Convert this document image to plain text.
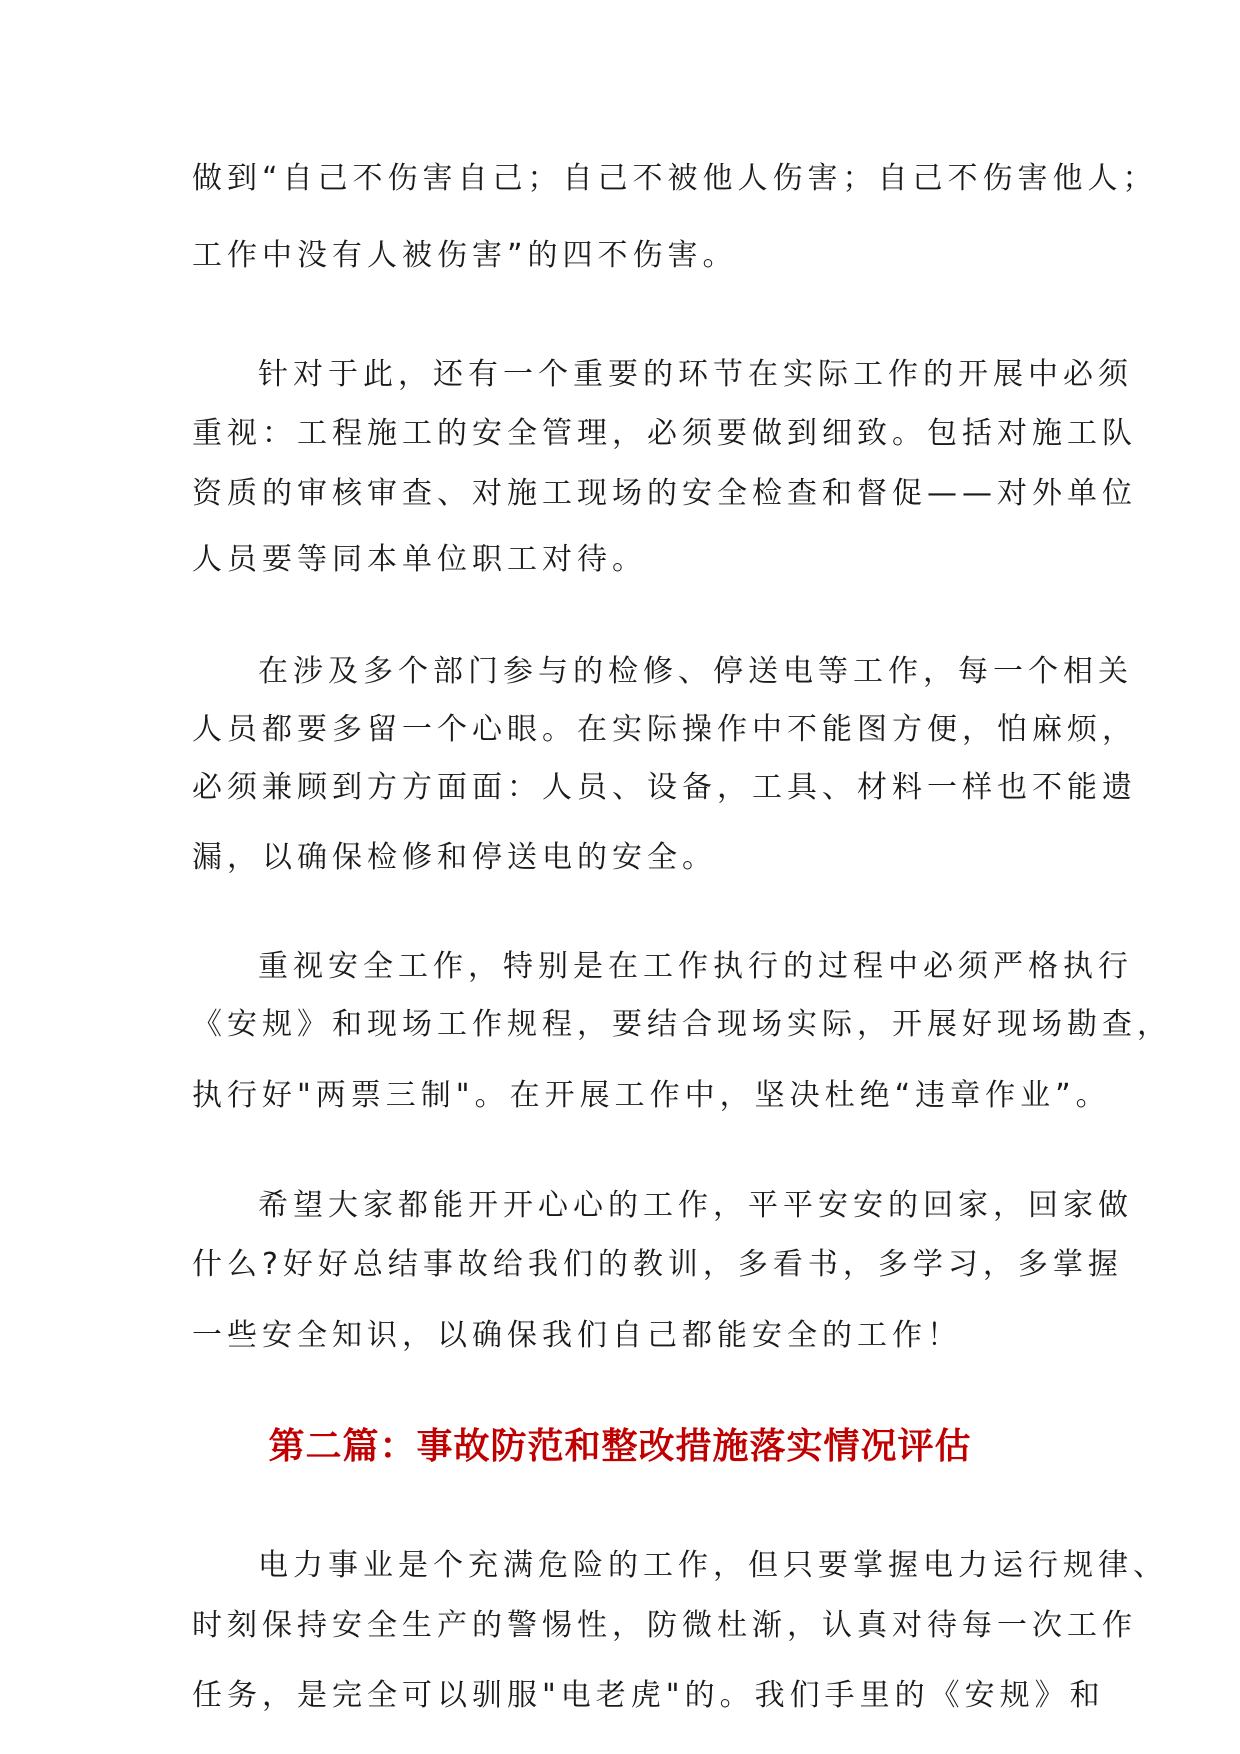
做到“自己不伤害自己；自己不被他人伤害；自己不伤害他人；

工作中没有人被伤害”的四不伤害。

针对于此，还有一个重要的环节在实际工作的开展中必须

重视：工程施工的安全管理，必须要做到细致。包括对施工队

资质的审核审查、对施工现场的安全检查和督促——对外单位

人员要等同本单位职工对待。

在涉及多个部门参与的检修、停送电等工作，每一个相关

人员都要多留一个心眼。在实际操作中不能图方便，怕麻烦，

必须兼顾到方方面面：人员、设备，工具、材料一样也不能遗

漏，以确保检修和停送电的安全。

重视安全工作，特别是在工作执行的过程中必须严格执行

《安规》和现场工作规程，要结合现场实际，开展好现场勘查，

执行好"两票三制"。在开展工作中，坚决杜绝“违章作业”。

希望大家都能开开心心的工作，平平安安的回家，回家做

什么?好好总结事故给我们的教训，多看书，多学习，多掌握

一些安全知识，以确保我们自己都能安全的工作！

第二篇：事故防范和整改措施落实情况评估

电力事业是个充满危险的工作，但只要掌握电力运行规律、

时刻保持安全生产的警惕性，防微杜渐，认真对待每一次工作

任务，是完全可以驯服"电老虎"的。我们手里的《安规》和
